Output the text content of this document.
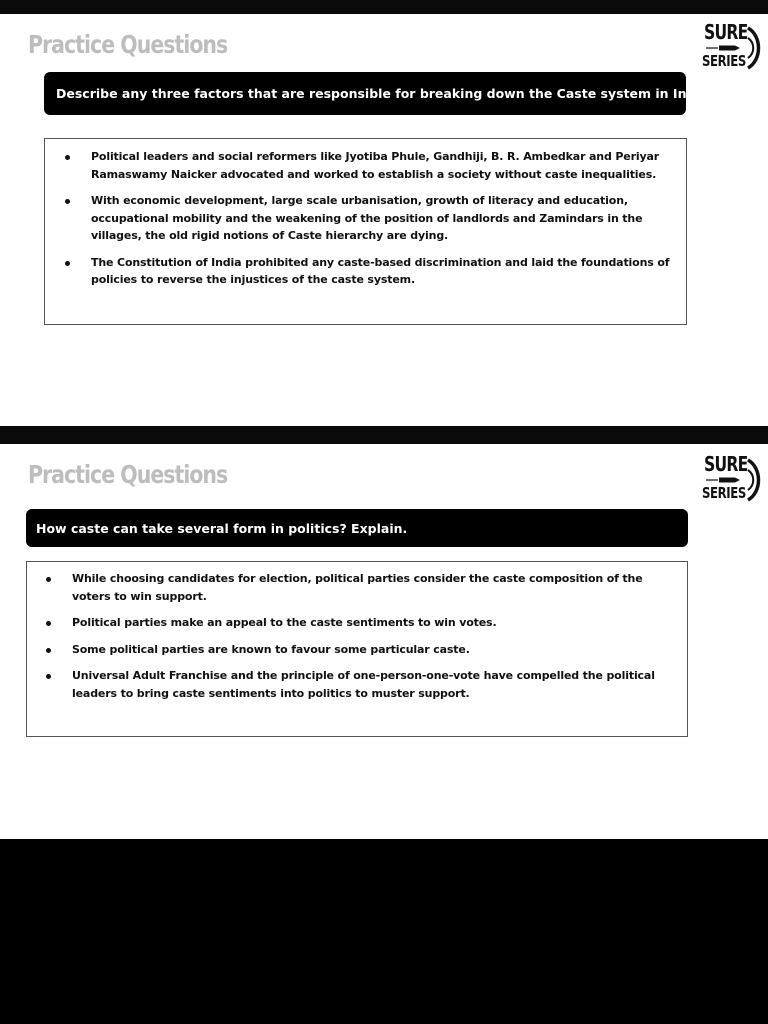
Practice Questions	SURE
SERIES
Describe any three factors that are responsible for breaking down the Caste system in India?
Political leaders and social reformers like Jyotiba Phule, Gandhiji, B. R. Ambedkar and Periyar Ramaswamy Naicker advocated and worked to establish a society without caste inequalities.
With economic development, large scale urbanisation, growth of literacy and education, occupational mobility and the weakening of the position of landlords and Zamindars in the villages, the old rigid notions of Caste hierarchy are dying.
The Constitution of India prohibited any caste-based discrimination and laid the foundations of policies to reverse the injustices of the caste system.
Practice Questions	SURE
SERIES
How caste can take several form in politics? Explain.
While choosing candidates for election, political parties consider the caste composition of the voters to win support.
Political parties make an appeal to the caste sentiments to win votes.
Some political parties are known to favour some particular caste.
Universal Adult Franchise and the principle of one-person-one-vote have compelled the political leaders to bring caste sentiments into politics to muster support.
